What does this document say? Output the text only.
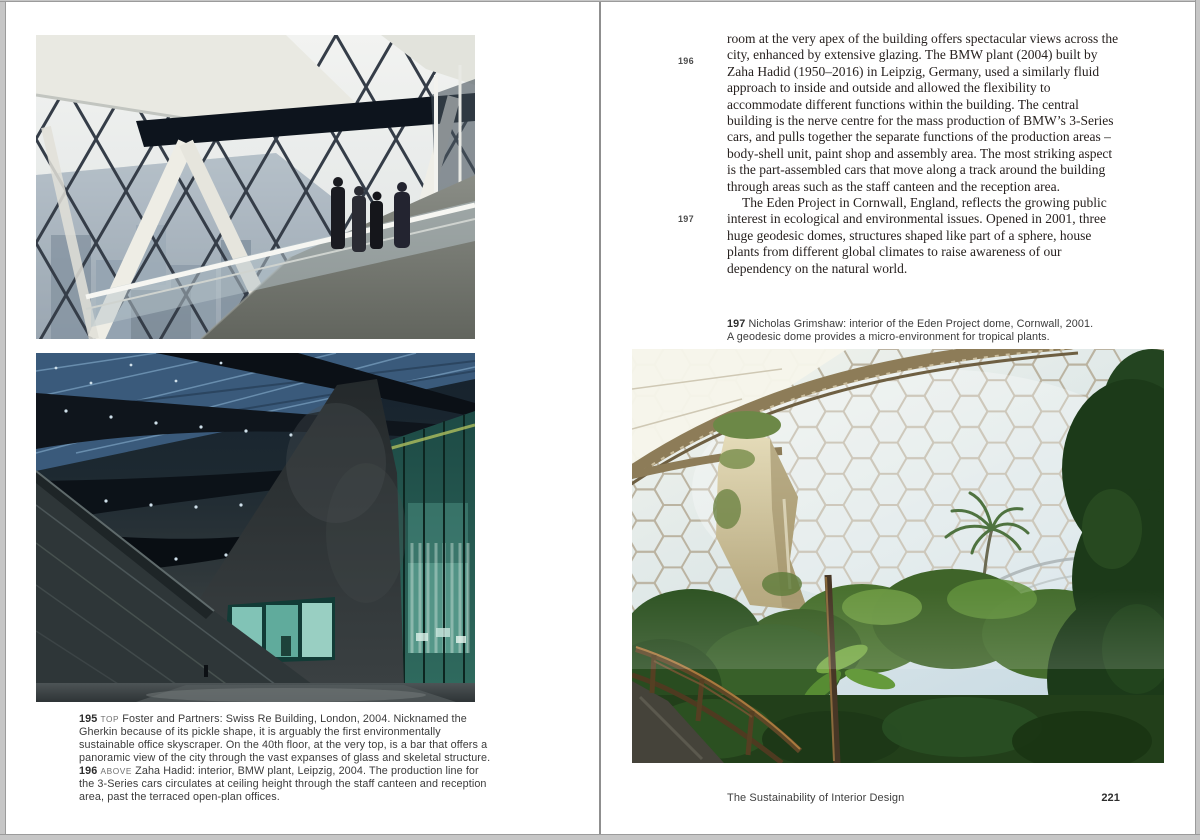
195 TOP Foster and Partners: Swiss Re Building, London, 2004. Nicknamed the Gherkin because of its pickle shape, it is arguably the first environmentally sustainable office skyscraper. On the 40th floor, at the very top, is a bar that offers a panoramic view of the city through the vast expanses of glass and skeletal structure.

196 ABOVE Zaha Hadid: interior, BMW plant, Leipzig, 2004. The production line for the 3-Series cars circulates at ceiling height through the staff canteen and reception area, past the terraced open-plan offices.

196
197

room at the very apex of the building offers spectacular views across the city, enhanced by extensive glazing. The BMW plant (2004) built by Zaha Hadid (1950–2016) in Leipzig, Germany, used a similarly fluid approach to inside and outside and allowed the flexibility to accommodate different functions within the building. The central building is the nerve centre for the mass production of BMW’s 3-Series cars, and pulls together the separate functions of the production areas – body-shell unit, paint shop and assembly area. The most striking aspect is the part-assembled cars that move along a track around the building through areas such as the staff canteen and the reception area.

The Eden Project in Cornwall, England, reflects the growing public interest in ecological and environmental issues. Opened in 2001, three huge geodesic domes, structures shaped like part of a sphere, house plants from different global climates to raise awareness of our dependency on the natural world.

197 Nicholas Grimshaw: interior of the Eden Project dome, Cornwall, 2001.
A geodesic dome provides a micro-environment for tropical plants.

The Sustainability of Interior Design	221
